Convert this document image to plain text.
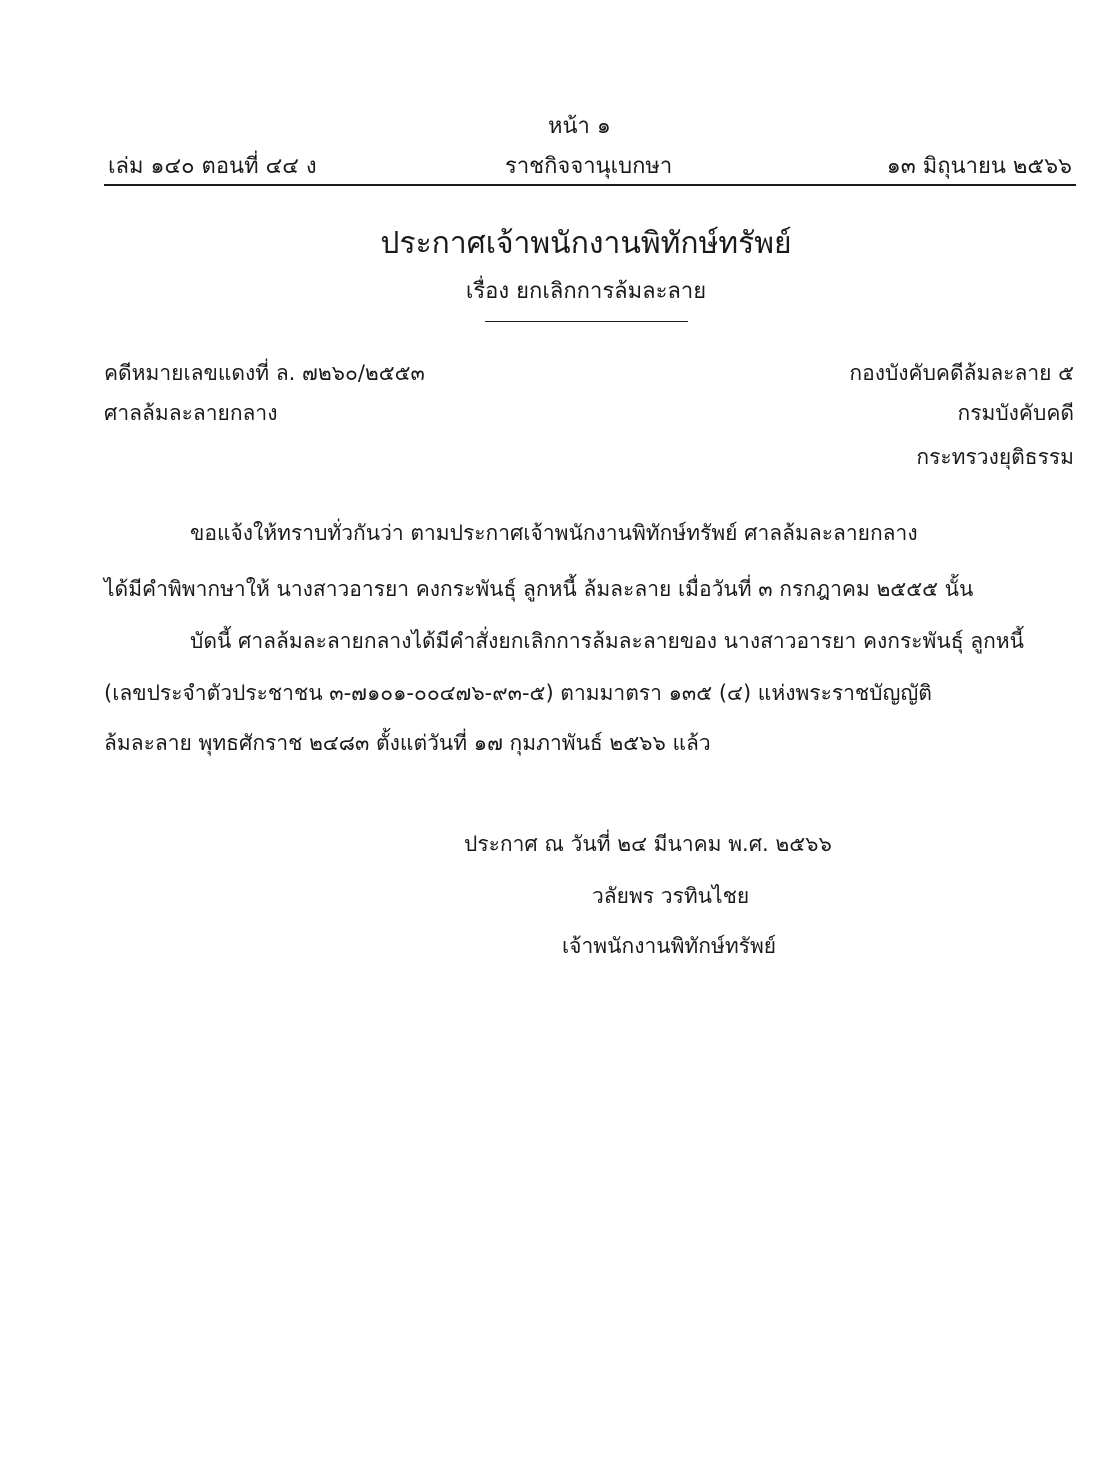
หน้า ๑
เล่ม ๑๔๐ ตอนที่ ๔๔ ง	ราชกิจจานุเบกษา	๑๓ มิถุนายน ๒๕๖๖
ประกาศเจ้าพนักงานพิทักษ์ทรัพย์
เรื่อง ยกเลิกการล้มละลาย
คดีหมายเลขแดงที่ ล. ๗๒๖๐/๒๕๕๓
ศาลล้มละลายกลาง
กองบังคับคดีล้มละลาย ๕
กรมบังคับคดี
กระทรวงยุติธรรม
ขอแจ้งให้ทราบทั่วกันว่า ตามประกาศเจ้าพนักงานพิทักษ์ทรัพย์ ศาลล้มละลายกลาง
ได้มีคำพิพากษาให้ นางสาวอารยา คงกระพันธุ์ ลูกหนี้ ล้มละลาย เมื่อวันที่ ๓ กรกฎาคม ๒๕๕๕ นั้น
บัดนี้ ศาลล้มละลายกลางได้มีคำสั่งยกเลิกการล้มละลายของ นางสาวอารยา คงกระพันธุ์ ลูกหนี้
(เลขประจำตัวประชาชน ๓-๗๑๐๑-๐๐๔๗๖-๙๓-๕) ตามมาตรา ๑๓๕ (๔) แห่งพระราชบัญญัติ
ล้มละลาย พุทธศักราช ๒๔๘๓ ตั้งแต่วันที่ ๑๗ กุมภาพันธ์ ๒๕๖๖ แล้ว
ประกาศ ณ วันที่ ๒๔ มีนาคม พ.ศ. ๒๕๖๖
วลัยพร วรทินไชย
เจ้าพนักงานพิทักษ์ทรัพย์
